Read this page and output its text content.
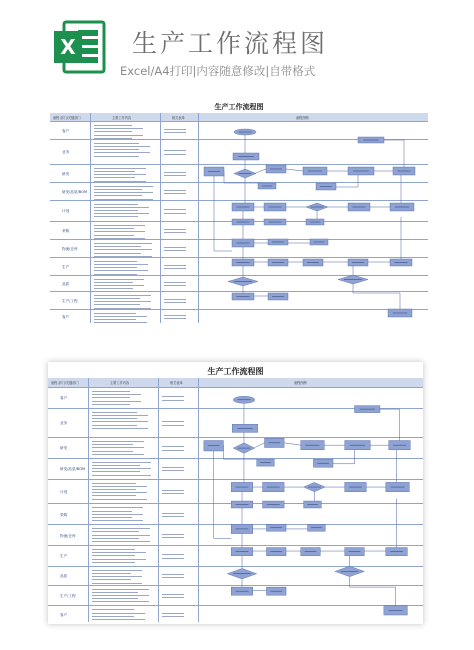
X 生产工作流程图
Excel/A4打印|内容随意修改|自带格式
生产工作流程图
流程 部门/关键部门	主要工作内容	相关表单	流程图例
客户
业务
研发
研发/品质/BOM
计划
采购
物流/仓库
生产
品质
生产/工程
客户
生产工作流程图
流程 部门/关键部门	主要工作内容	相关表单	流程图例
客户
业务
研发
研发/品质/BOM
计划
采购
物流/仓库
生产
品质
生产/工程
客户
